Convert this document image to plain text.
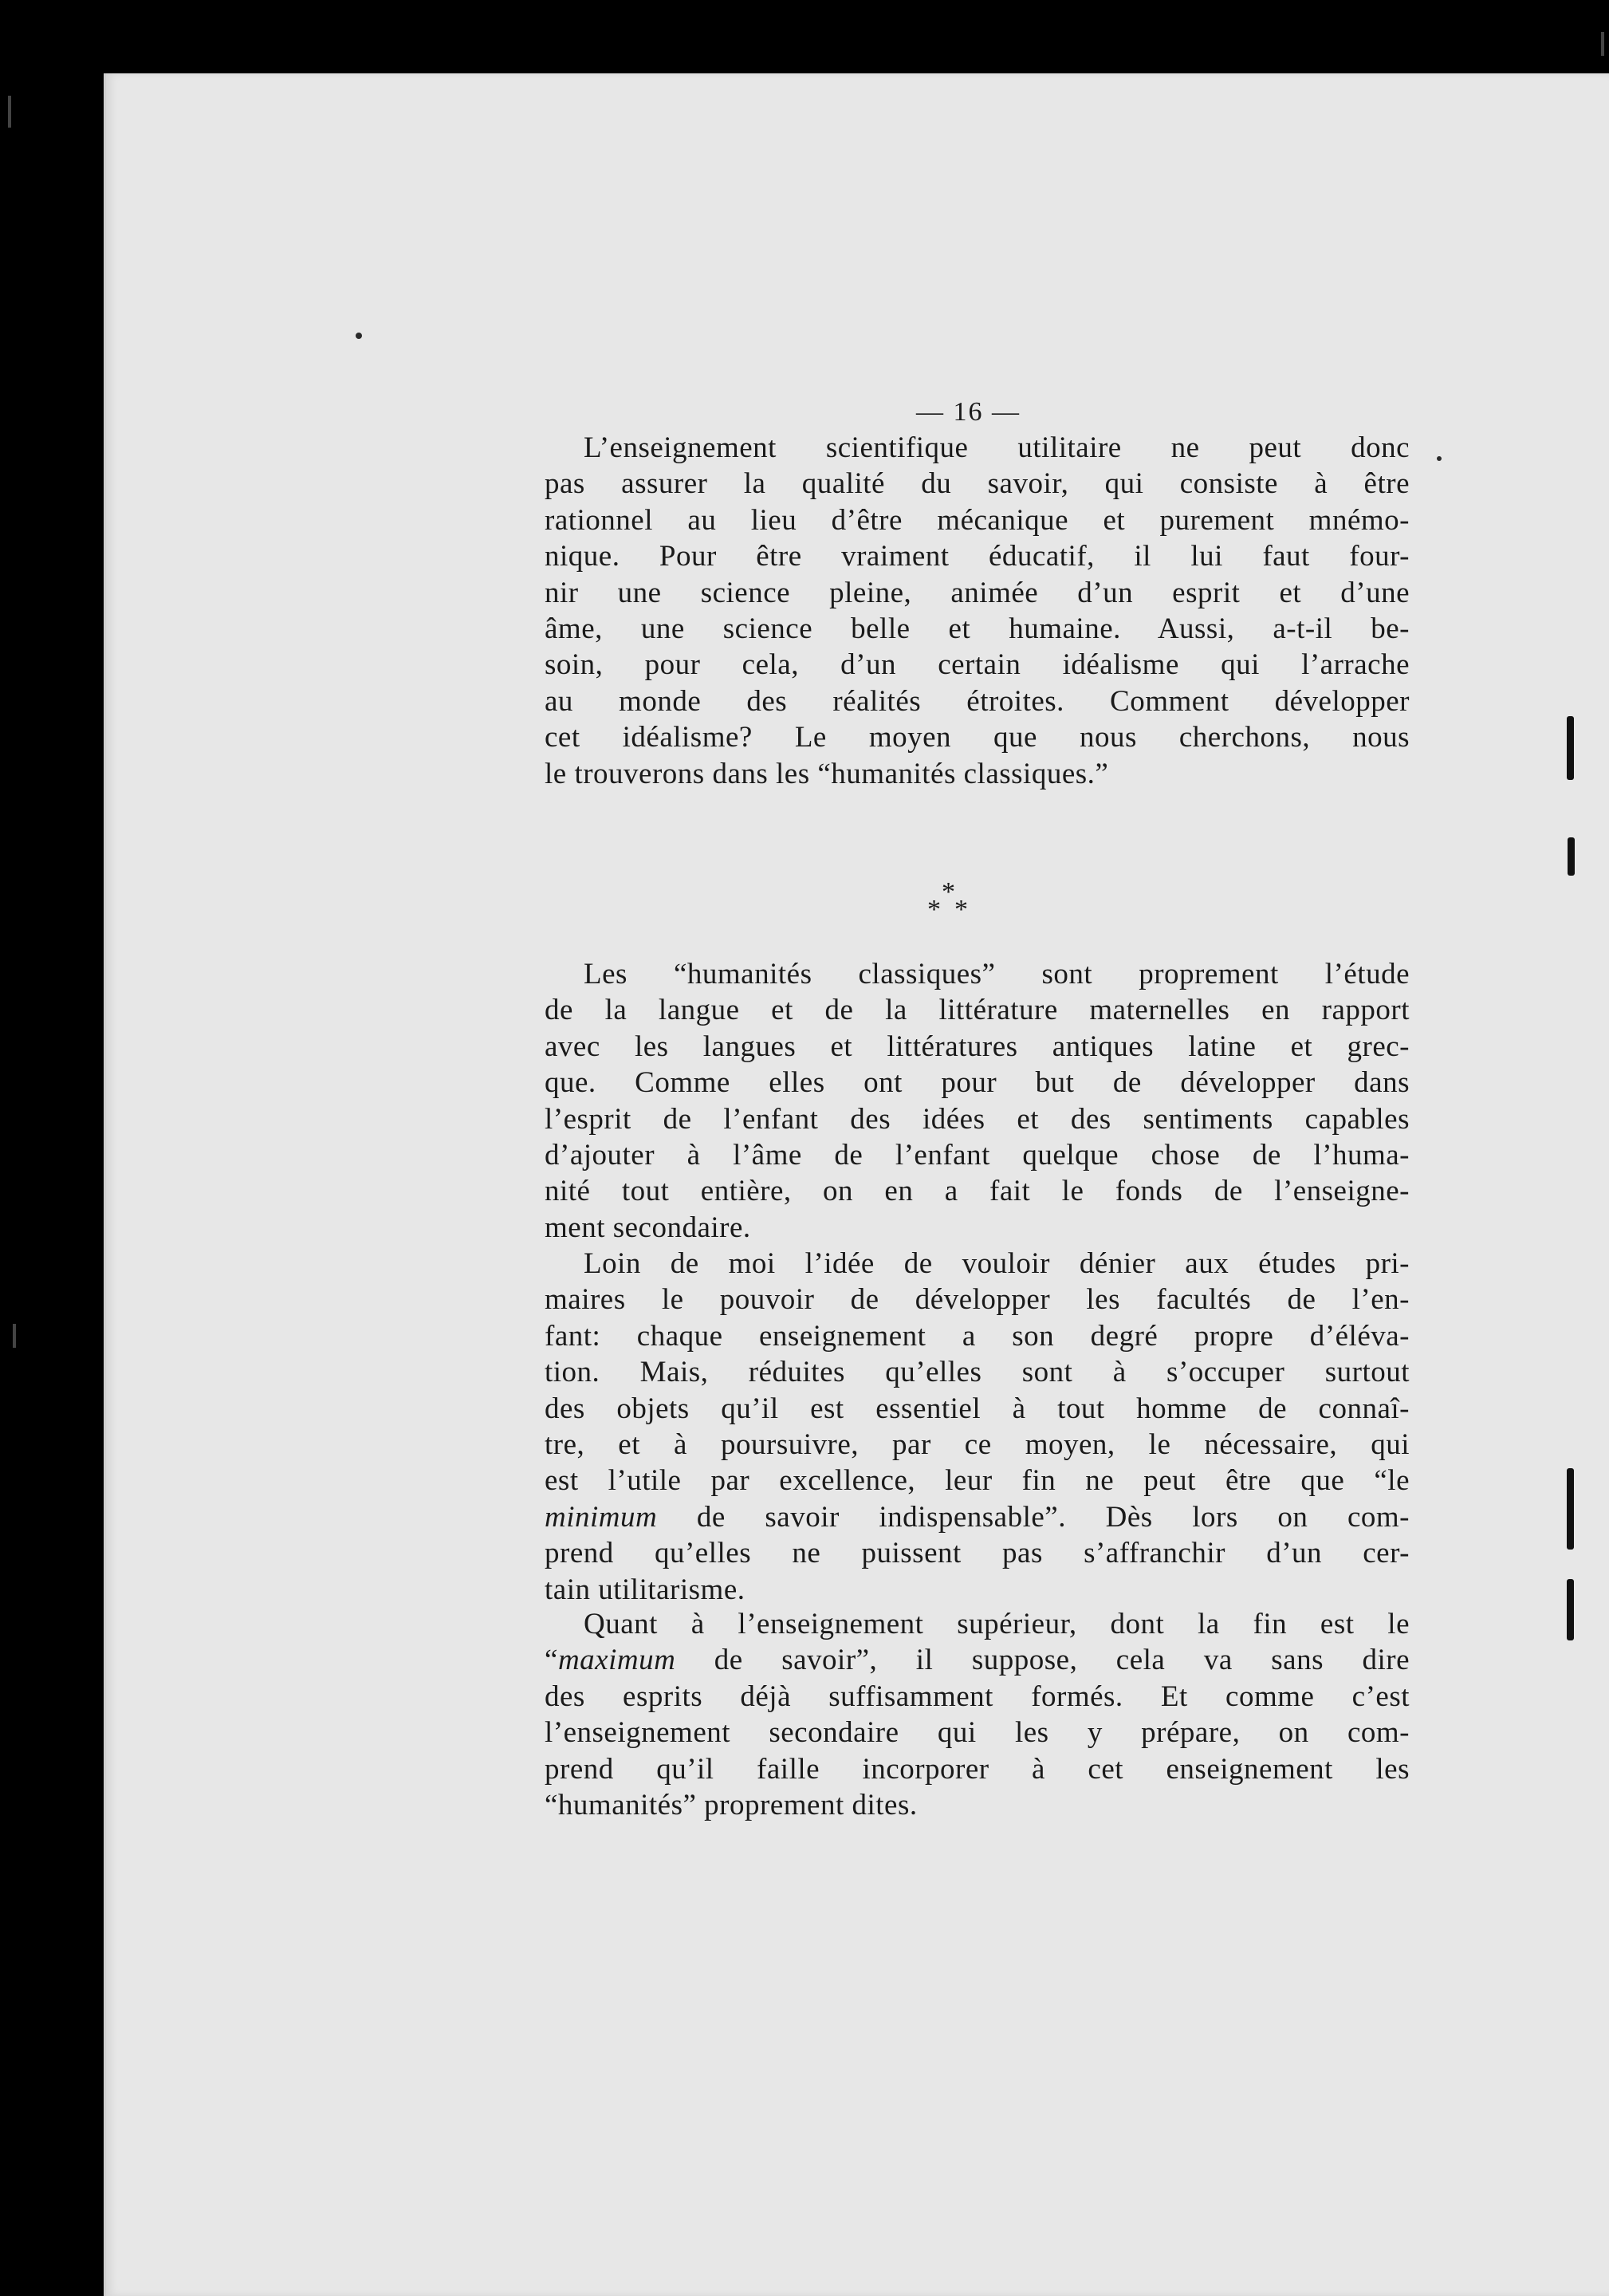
— 16 —
L’enseignement scientifique utilitaire ne peut donc
pas assurer la qualité du savoir, qui consiste à être
rationnel au lieu d’être mécanique et purement mnémo-
nique. Pour être vraiment éducatif, il lui faut four-
nir une science pleine, animée d’un esprit et d’une
âme, une science belle et humaine. Aussi, a-t-il be-
soin, pour cela, d’un certain idéalisme qui l’arrache
au monde des réalités étroites. Comment développer
cet idéalisme? Le moyen que nous cherchons, nous
le trouverons dans les “humanités classiques.”
*
* *
Les “humanités classiques” sont proprement l’étude
de la langue et de la littérature maternelles en rapport
avec les langues et littératures antiques latine et grec-
que. Comme elles ont pour but de développer dans
l’esprit de l’enfant des idées et des sentiments capables
d’ajouter à l’âme de l’enfant quelque chose de l’huma-
nité tout entière, on en a fait le fonds de l’enseigne-
ment secondaire.
Loin de moi l’idée de vouloir dénier aux études pri-
maires le pouvoir de développer les facultés de l’en-
fant: chaque enseignement a son degré propre d’éléva-
tion. Mais, réduites qu’elles sont à s’occuper surtout
des objets qu’il est essentiel à tout homme de connaî-
tre, et à poursuivre, par ce moyen, le nécessaire, qui
est l’utile par excellence, leur fin ne peut être que “le
minimum de savoir indispensable”. Dès lors on com-
prend qu’elles ne puissent pas s’affranchir d’un cer-
tain utilitarisme.
Quant à l’enseignement supérieur, dont la fin est le
“maximum de savoir”, il suppose, cela va sans dire
des esprits déjà suffisamment formés. Et comme c’est
l’enseignement secondaire qui les y prépare, on com-
prend qu’il faille incorporer à cet enseignement les
“humanités” proprement dites.
